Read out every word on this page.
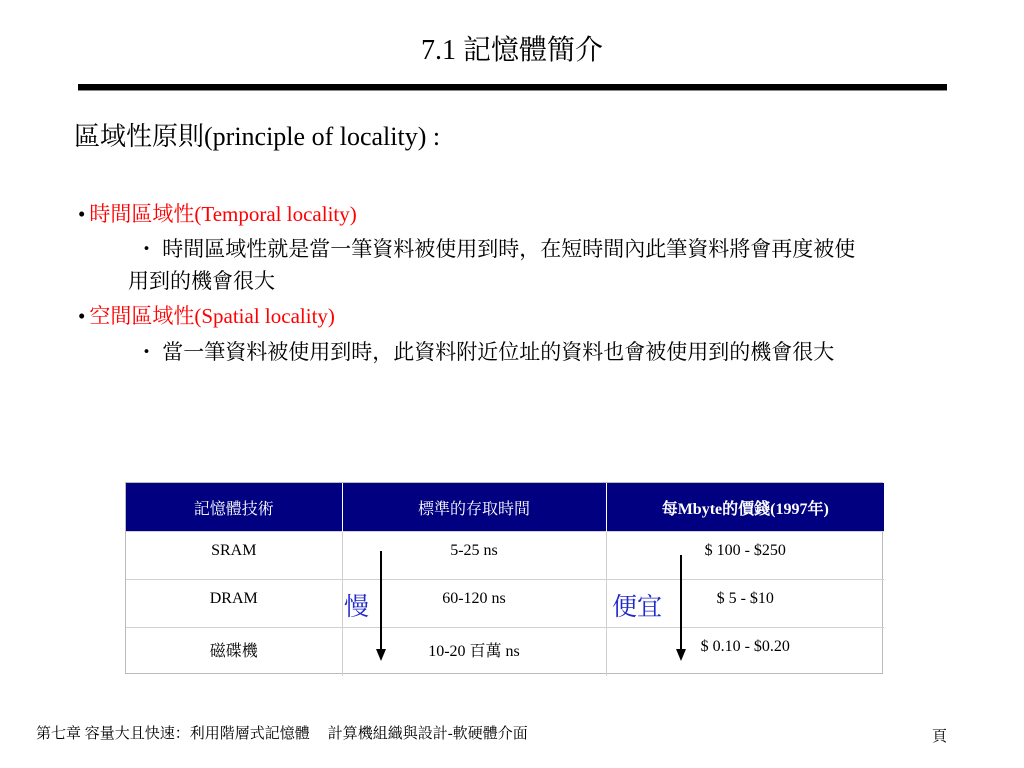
7.1 記憶體簡介
區域性原則(principle of locality) :
• 時間區域性(Temporal locality)
・ 時間區域性就是當一筆資料被使用到時，在短時間內此筆資料將會再度被使用到的機會很大
• 空間區域性(Spatial locality)
・ 當一筆資料被使用到時，此資料附近位址的資料也會被使用到的機會很大
記憶體技術	標準的存取時間	每Mbyte的價錢(1997年)
SRAM	5-25 ns	$ 100 - $250
DRAM	60-120 ns	$ 5 - $10
磁碟機	10-20 百萬 ns	$ 0.10 - $0.20
慢	便宜
第七章 容量大且快速：利用階層式記憶體 計算機組織與設計-軟硬體介面	頁
